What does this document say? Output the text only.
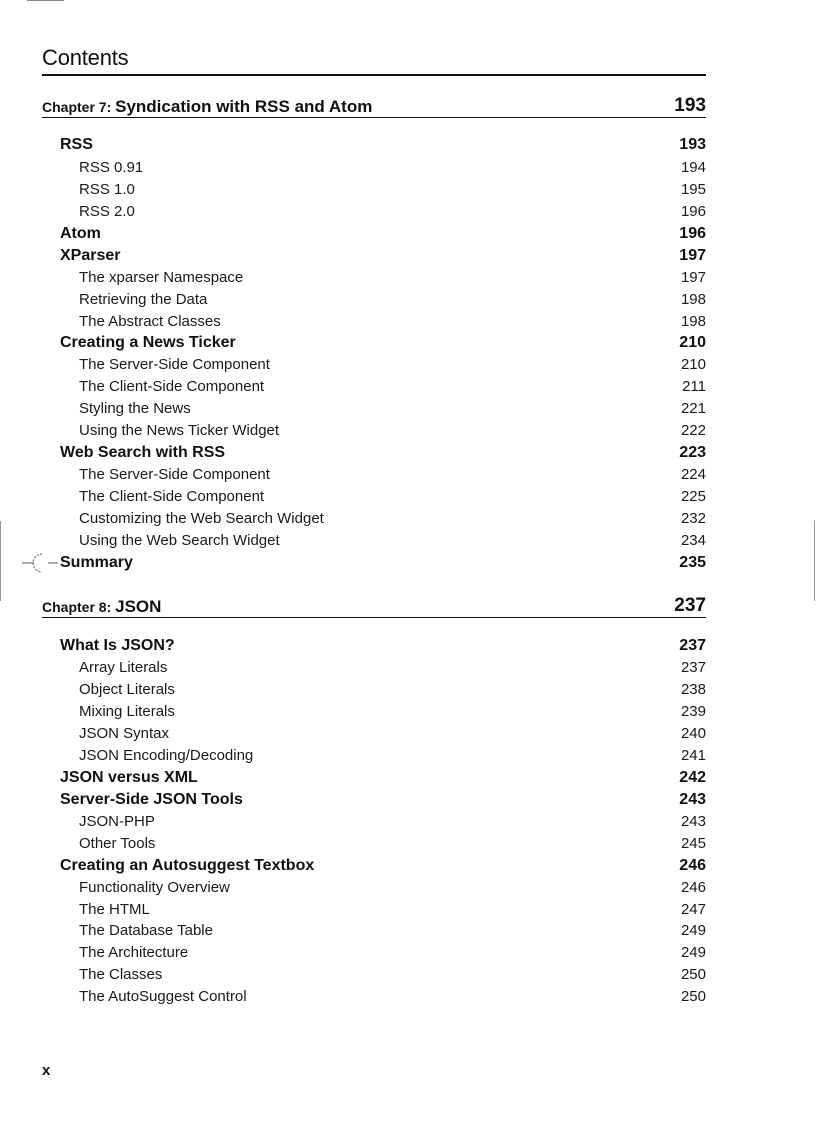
Contents
Chapter 7: Syndication with RSS and Atom	193
RSS	193
RSS 0.91	194
RSS 1.0	195
RSS 2.0	196
Atom	196
XParser	197
The xparser Namespace	197
Retrieving the Data	198
The Abstract Classes	198
Creating a News Ticker	210
The Server-Side Component	210
The Client-Side Component	211
Styling the News	221
Using the News Ticker Widget	222
Web Search with RSS	223
The Server-Side Component	224
The Client-Side Component	225
Customizing the Web Search Widget	232
Using the Web Search Widget	234
Summary	235
Chapter 8: JSON	237
What Is JSON?	237
Array Literals	237
Object Literals	238
Mixing Literals	239
JSON Syntax	240
JSON Encoding/Decoding	241
JSON versus XML	242
Server-Side JSON Tools	243
JSON-PHP	243
Other Tools	245
Creating an Autosuggest Textbox	246
Functionality Overview	246
The HTML	247
The Database Table	249
The Architecture	249
The Classes	250
The AutoSuggest Control	250
x
